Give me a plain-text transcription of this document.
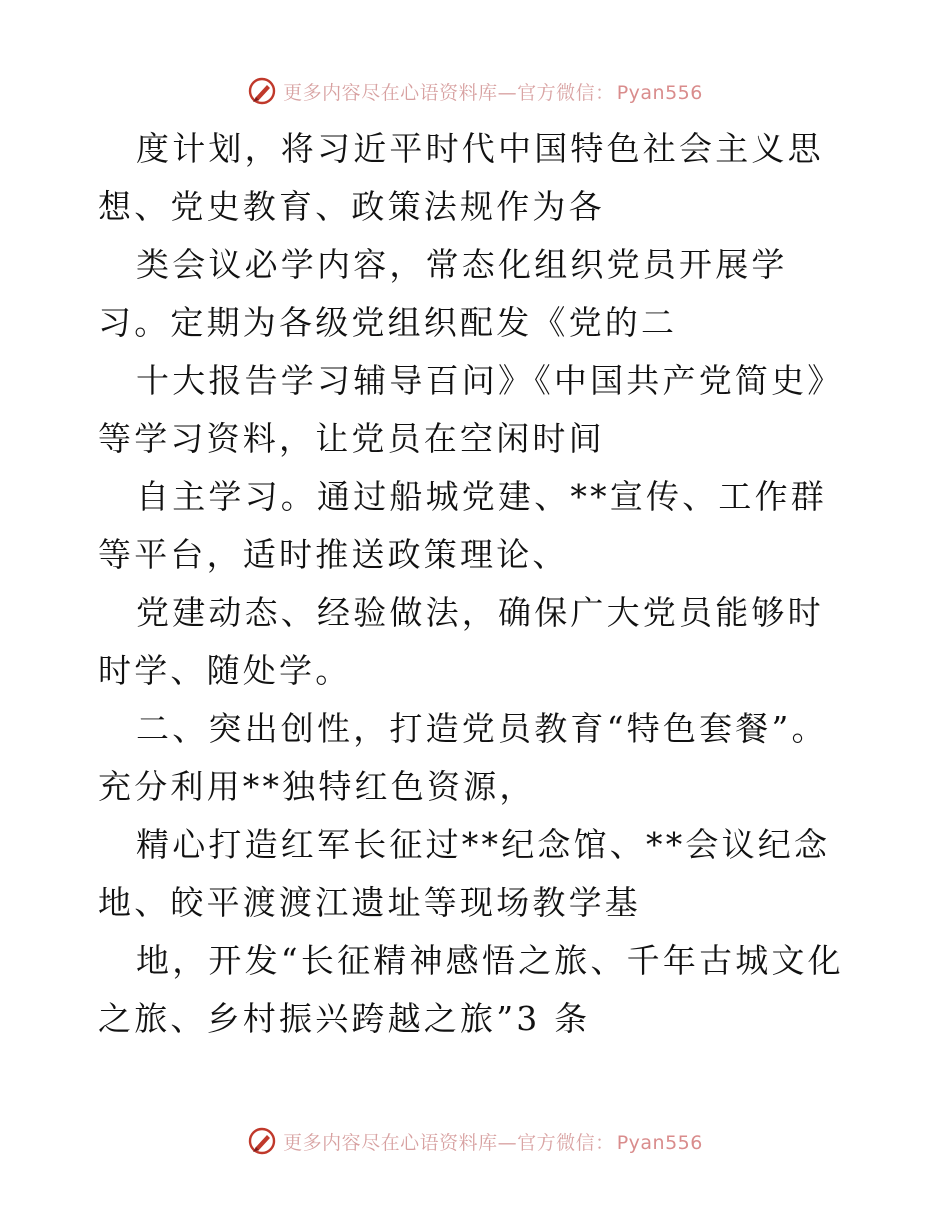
更多内容尽在心语资料库—官方微信： Pyan556

度计划，将习近平时代中国特色社会主义思想、党史教育、政策法规作为各

类会议必学内容，常态化组织党员开展学习。定期为各级党组织配发《党的二

十大报告学习辅导百问》《中国共产党简史》等学习资料，让党员在空闲时间

自主学习。通过船城党建、**宣传、工作群等平台，适时推送政策理论、

党建动态、经验做法，确保广大党员能够时时学、随处学。

二、突出创性，打造党员教育“特色套餐”。充分利用**独特红色资源，

精心打造红军长征过**纪念馆、**会议纪念地、皎平渡渡江遗址等现场教学基

地，开发“长征精神感悟之旅、千年古城文化之旅、乡村振兴跨越之旅”3 条

更多内容尽在心语资料库—官方微信： Pyan556
